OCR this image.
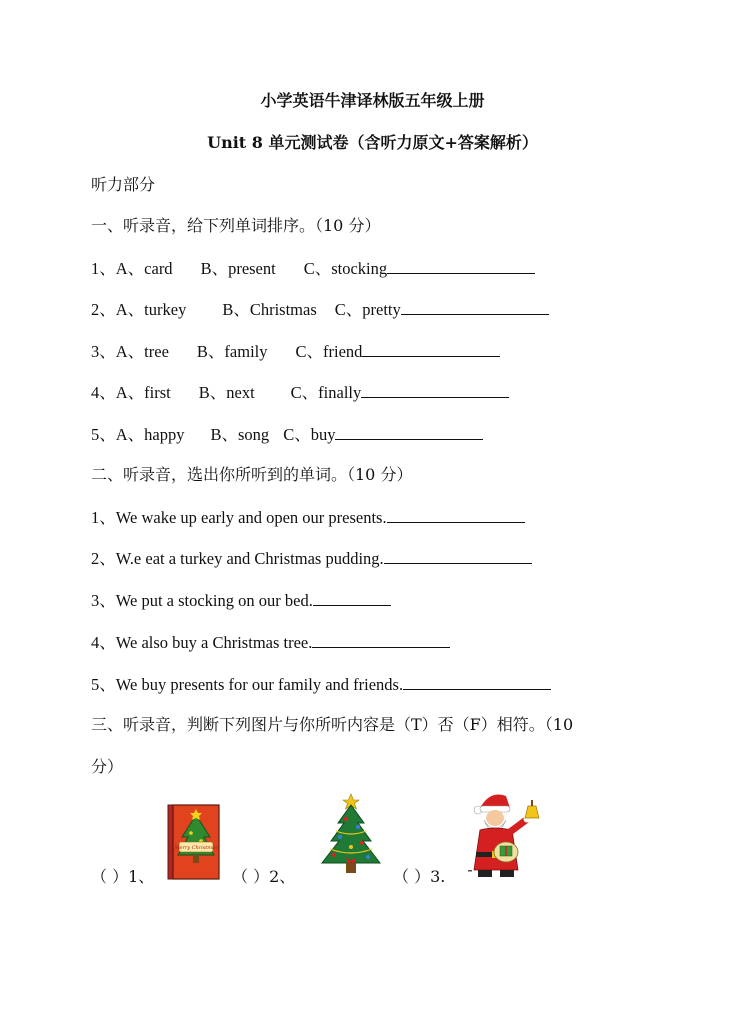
小学英语牛津译林版五年级上册
Unit 8 单元测试卷（含听力原文+答案解析）
听力部分
一、听录音，给下列单词排序。（10 分）
1、A、card B、present C、stocking
2、A、turkey B、Christmas C、pretty
3、A、tree B、family C、friend
4、A、first B、next C、finally
5、A、happy B、song C、buy
二、听录音，选出你所听到的单词。（10 分）
1、We wake up early and open our presents.
2、W.e eat a turkey and Christmas pudding.
3、We put a stocking on our bed.
4、We also buy a Christmas tree.
5、We buy presents for our family and friends.
三、听录音，判断下列图片与你所听内容是（T）否（F）相符。（10
分）
（ ）1、	（ ）2、	（ ）3.
Merry Christmas
